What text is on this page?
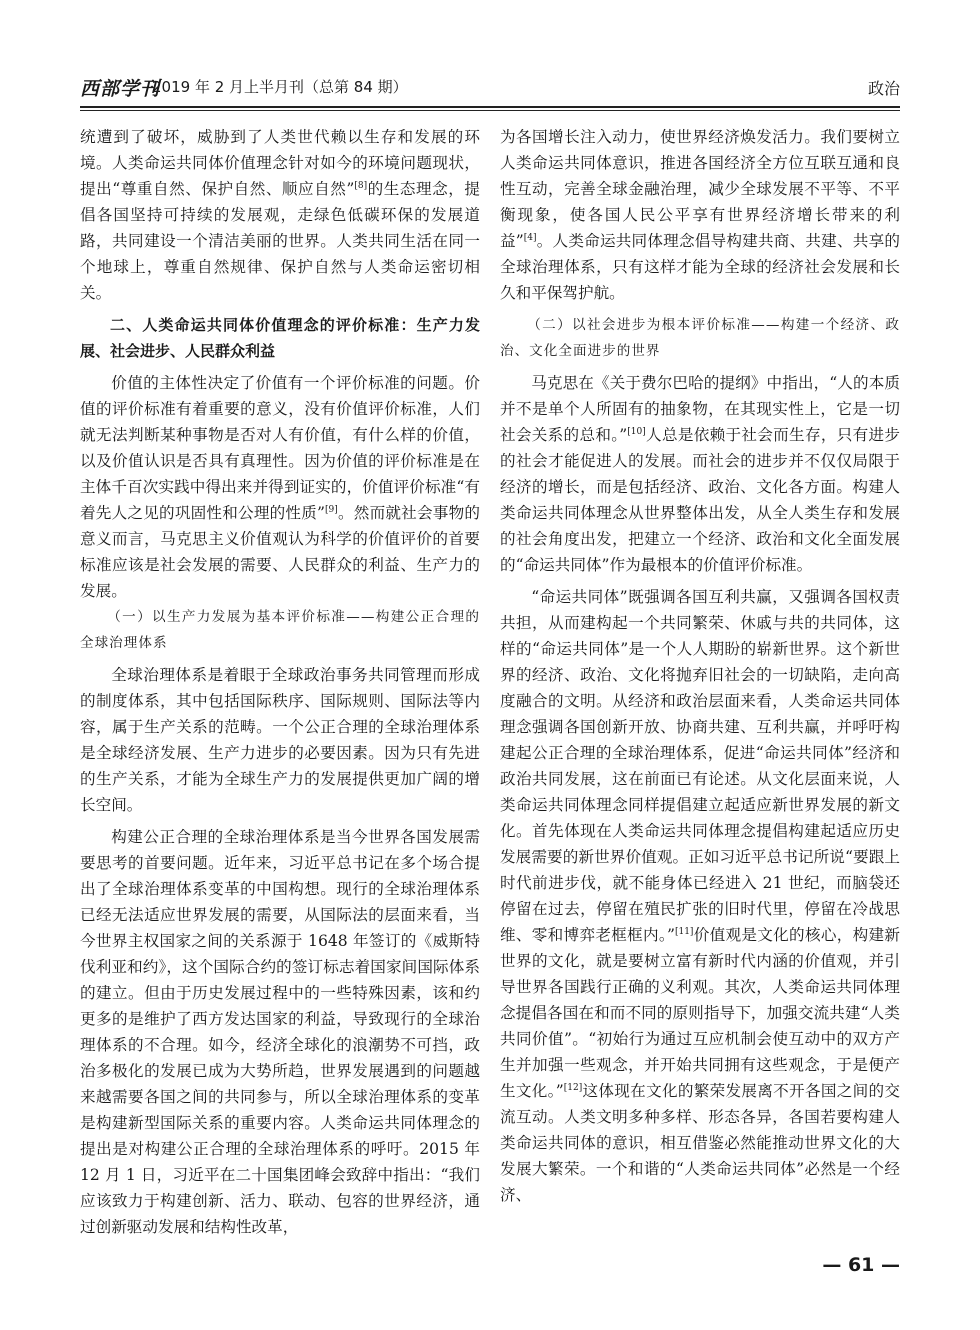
西部学刊
2019 年 2 月上半月刊（总第 84 期）	政治

统遭到了破坏，威胁到了人类世代赖以生存和发展的环境。人类命运共同体价值理念针对如今的环境问题现状，提出“尊重自然、保护自然、顺应自然”[8]的生态理念，提倡各国坚持可持续的发展观，走绿色低碳环保的发展道路，共同建设一个清洁美丽的世界。人类共同生活在同一个地球上，尊重自然规律、保护自然与人类命运密切相关。

二、人类命运共同体价值理念的评价标准：生产力发展、社会进步、人民群众利益

价值的主体性决定了价值有一个评价标准的问题。价值的评价标准有着重要的意义，没有价值评价标准，人们就无法判断某种事物是否对人有价值，有什么样的价值，以及价值认识是否具有真理性。因为价值的评价标准是在主体千百次实践中得出来并得到证实的，价值评价标准“有着先人之见的巩固性和公理的性质”[9]。然而就社会事物的意义而言，马克思主义价值观认为科学的价值评价的首要标准应该是社会发展的需要、人民群众的利益、生产力的发展。

（一）以生产力发展为基本评价标准——构建公正合理的全球治理体系

全球治理体系是着眼于全球政治事务共同管理而形成的制度体系，其中包括国际秩序、国际规则、国际法等内容，属于生产关系的范畴。一个公正合理的全球治理体系是全球经济发展、生产力进步的必要因素。因为只有先进的生产关系，才能为全球生产力的发展提供更加广阔的增长空间。

构建公正合理的全球治理体系是当今世界各国发展需要思考的首要问题。近年来，习近平总书记在多个场合提出了全球治理体系变革的中国构想。现行的全球治理体系已经无法适应世界发展的需要，从国际法的层面来看，当今世界主权国家之间的关系源于 1648 年签订的《威斯特伐利亚和约》，这个国际合约的签订标志着国家间国际体系的建立。但由于历史发展过程中的一些特殊因素，该和约更多的是维护了西方发达国家的利益，导致现行的全球治理体系的不合理。如今，经济全球化的浪潮势不可挡，政治多极化的发展已成为大势所趋，世界发展遇到的问题越来越需要各国之间的共同参与，所以全球治理体系的变革是构建新型国际关系的重要内容。人类命运共同体理念的提出是对构建公正合理的全球治理体系的呼吁。2015 年 12 月 1 日，习近平在二十国集团峰会致辞中指出：“我们应该致力于构建创新、活力、联动、包容的世界经济，通过创新驱动发展和结构性改革，

为各国增长注入动力，使世界经济焕发活力。我们要树立人类命运共同体意识，推进各国经济全方位互联互通和良性互动，完善全球金融治理，减少全球发展不平等、不平衡现象，使各国人民公平享有世界经济增长带来的利益”[4]。人类命运共同体理念倡导构建共商、共建、共享的全球治理体系，只有这样才能为全球的经济社会发展和长久和平保驾护航。

（二）以社会进步为根本评价标准——构建一个经济、政治、文化全面进步的世界

马克思在《关于费尔巴哈的提纲》中指出，“人的本质并不是单个人所固有的抽象物，在其现实性上，它是一切社会关系的总和。”[10]人总是依赖于社会而生存，只有进步的社会才能促进人的发展。而社会的进步并不仅仅局限于经济的增长，而是包括经济、政治、文化各方面。构建人类命运共同体理念从世界整体出发，从全人类生存和发展的社会角度出发，把建立一个经济、政治和文化全面发展的“命运共同体”作为最根本的价值评价标准。

“命运共同体”既强调各国互利共赢，又强调各国权责共担，从而建构起一个共同繁荣、休戚与共的共同体，这样的“命运共同体”是一个人人期盼的崭新世界。这个新世界的经济、政治、文化将抛弃旧社会的一切缺陷，走向高度融合的文明。从经济和政治层面来看，人类命运共同体理念强调各国创新开放、协商共建、互利共赢，并呼吁构建起公正合理的全球治理体系，促进“命运共同体”经济和政治共同发展，这在前面已有论述。从文化层面来说，人类命运共同体理念同样提倡建立起适应新世界发展的新文化。首先体现在人类命运共同体理念提倡构建起适应历史发展需要的新世界价值观。正如习近平总书记所说“要跟上时代前进步伐，就不能身体已经进入 21 世纪，而脑袋还停留在过去，停留在殖民扩张的旧时代里，停留在冷战思维、零和博弈老框框内。”[11]价值观是文化的核心，构建新世界的文化，就是要树立富有新时代内涵的价值观，并引导世界各国践行正确的义利观。其次，人类命运共同体理念提倡各国在和而不同的原则指导下，加强交流共建“人类共同价值”。“初始行为通过互应机制会使互动中的双方产生并加强一些观念，并开始共同拥有这些观念，于是便产生文化。”[12]这体现在文化的繁荣发展离不开各国之间的交流互动。人类文明多种多样、形态各异，各国若要构建人类命运共同体的意识，相互借鉴必然能推动世界文化的大发展大繁荣。一个和谐的“人类命运共同体”必然是一个经济、

— 61 —
